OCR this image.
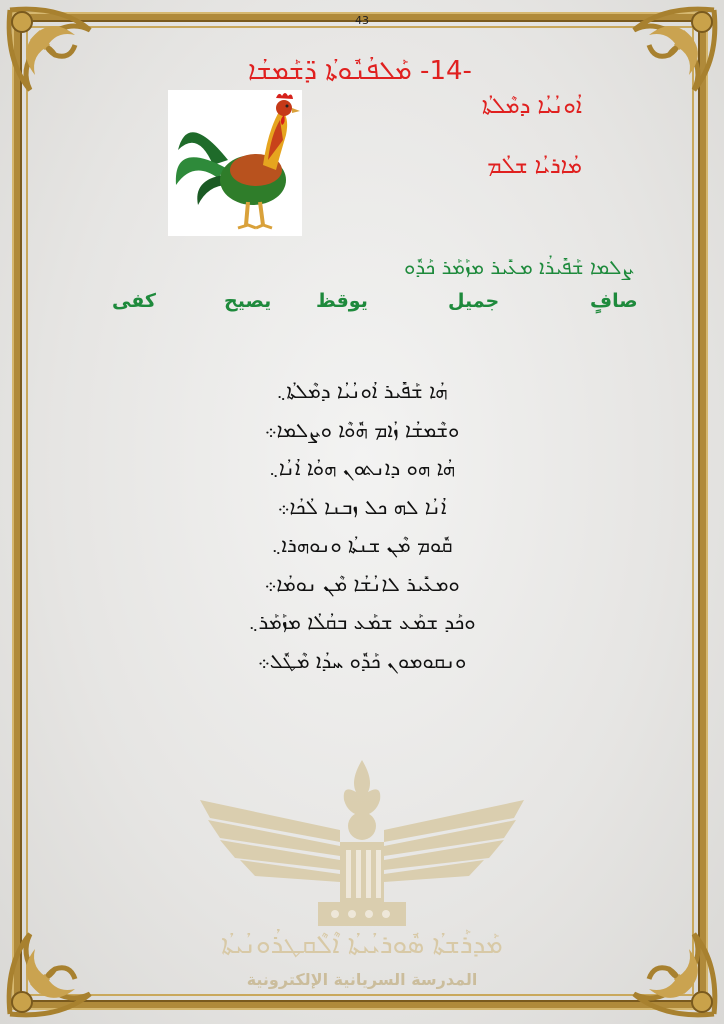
43
-14- ܡܰܠܦܳܢܽܘܬܳܐ ܕ̈ܫܰܡܫܳܐ
ܐܳܘܢܳܝܳܐ ܕܡܶܠܬܳܐ
ܡܳܐܪܝܳܐ ܫܠܳܡ
ܨܠܡܐ ܫܰܦܺܝܪܳܐ ܡܥܺܝܪ ܡܙܰܡܰܪ ܟܰܕܽܘ
صافٍ
جميل
يوقظ
يصيح
كفى
ܗܳܐ ܫܰܦܺܝܪ ܐܳܘܢܳܝܳܐ ܕܡܶܠܬܳܐ܆
ܘܫܶܡܫܳܐ ܙܳܐܡ ܗܽܘܶܐ ܘܨܠܡܐ܀
ܗܳܐ ܗܘ ܕܐܢܬܘܢ ܗܘܳܐ ܐܳܢܳܐ܆
ܐܳܢܳܐ ܠܗ ܟܠ ܙܒܢܐ ܠܳܟܳܐ܀
ܩܽܘܡ ܡܶܢ ܫܢܬܳܐ ܘܢܘܗܪܐ܆
ܘܡܥܺܝܪ ܠܐܢܳܫܳܐ ܡܶܢ ܢܘܡܳܐ܀
ܘܟܰܕ ܫܡܰܥ ܫܡܰܥ ܒܩܳܠܳܐ ܡܙܰܡܰܪ܆
ܘܢܩܘܡܘܢ ܟܰܕܽܘ ܚܕܳܐ ܡܶܛܽܠ܀
ܡܰܕܪܰܫܬܳܐ ܣܽܘܪܝܳܝܬܳܐ ܐܶܠܶܩܛܪܳܘܢܳܝܬܳܐ
المدرسة السريانية الإلكترونية
